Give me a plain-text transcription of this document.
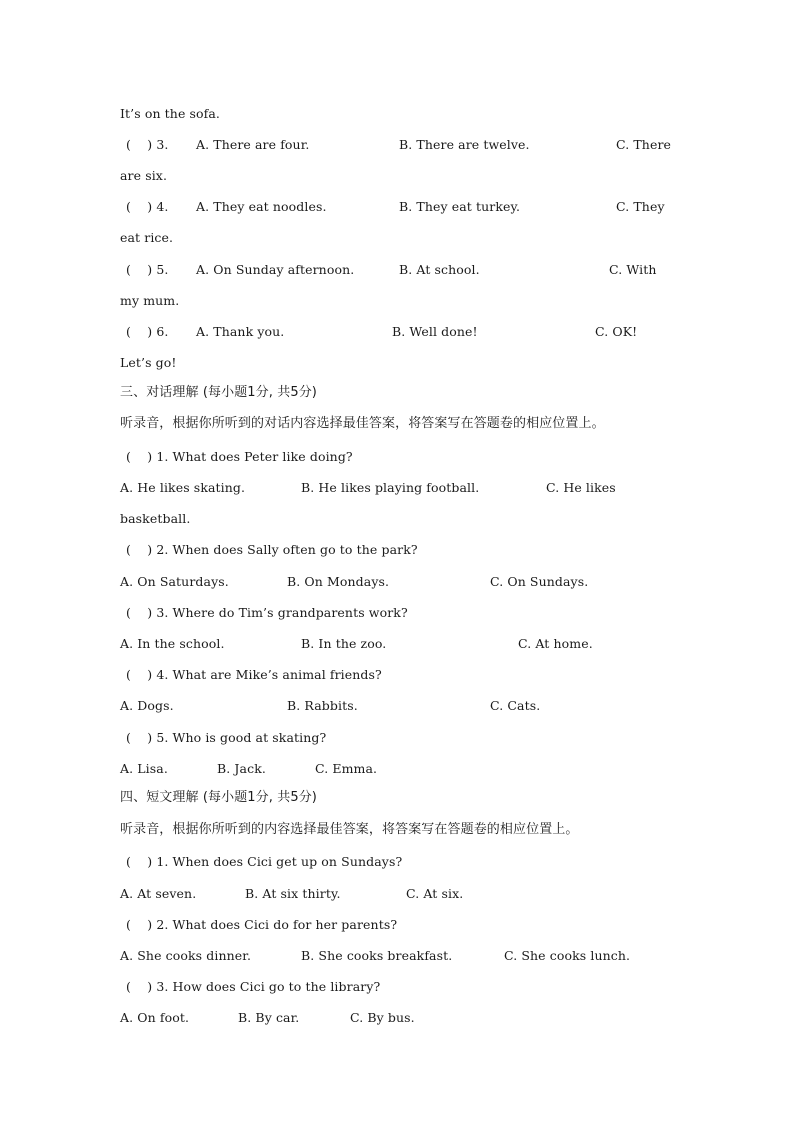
It’s on the sofa.
(    ) 3. A. There are four.	B. There are twelve.	C. There
are six.
(    ) 4. A. They eat noodles.	B. They eat turkey.	C. They
eat rice.
(    ) 5. A. On Sunday afternoon.	B. At school.	C. With
my mum.
(    ) 6. A. Thank you.	B. Well done!	C. OK!
Let’s go!
三、对话理解 (每小题1分, 共5分)
听录音，根据你所听到的对话内容选择最佳答案，将答案写在答题卷的相应位置上。
(    ) 1. What does Peter like doing?
A. He likes skating.	B. He likes playing football.	C. He likes
basketball.
(    ) 2. When does Sally often go to the park?
A. On Saturdays.	B. On Mondays.	C. On Sundays.
(    ) 3. Where do Tim’s grandparents work?
A. In the school.	B. In the zoo.	C. At home.
(    ) 4. What are Mike’s animal friends?
A. Dogs.	B. Rabbits.	C. Cats.
(    ) 5. Who is good at skating?
A. Lisa.	B. Jack.	C. Emma.
四、短文理解 (每小题1分, 共5分)
听录音，根据你所听到的内容选择最佳答案，将答案写在答题卷的相应位置上。
(    ) 1. When does Cici get up on Sundays?
A. At seven.	B. At six thirty.	C. At six.
(    ) 2. What does Cici do for her parents?
A. She cooks dinner.	B. She cooks breakfast.	C. She cooks lunch.
(    ) 3. How does Cici go to the library?
A. On foot.	B. By car.	C. By bus.
